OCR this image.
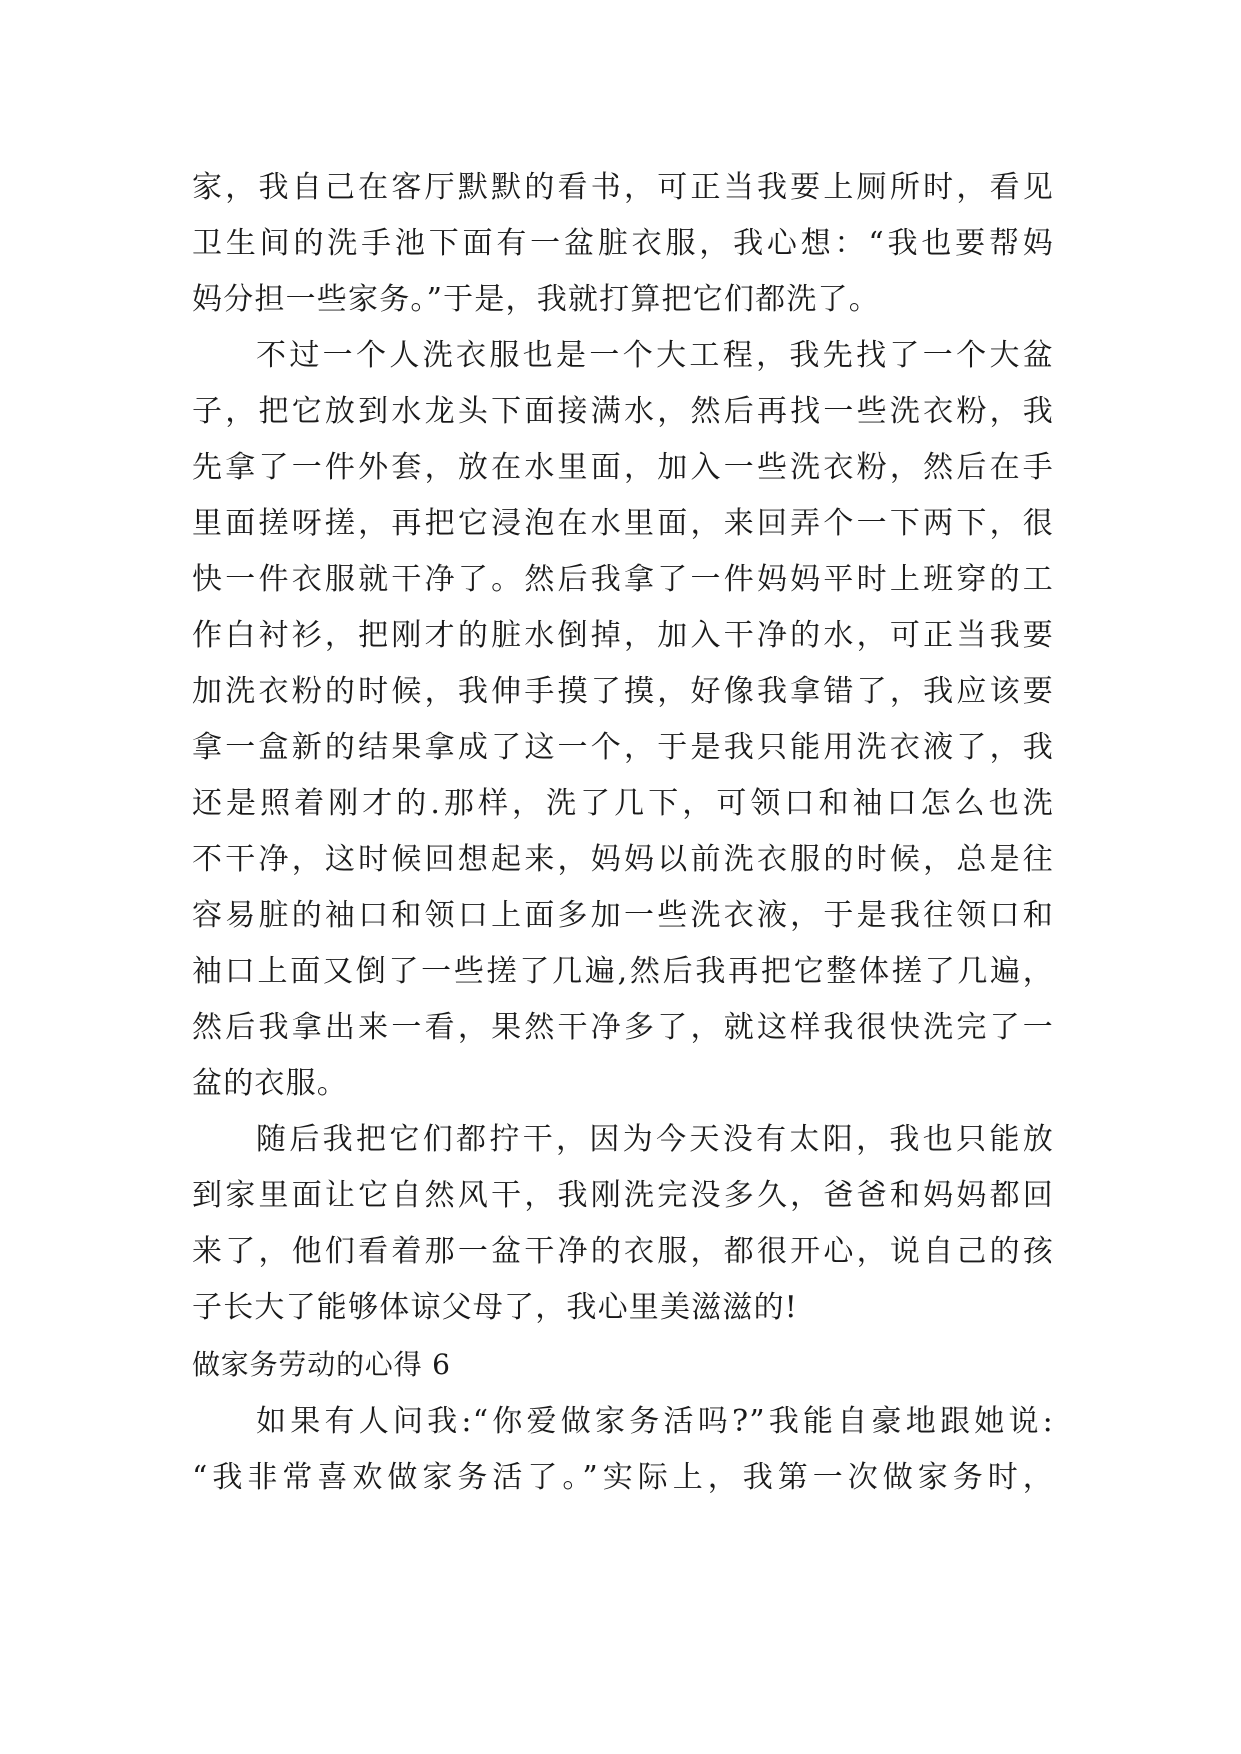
家，我自己在客厅默默的看书，可正当我要上厕所时，看见
卫生间的洗手池下面有一盆脏衣服，我心想：“我也要帮妈
妈分担一些家务。”于是，我就打算把它们都洗了。
不过一个人洗衣服也是一个大工程，我先找了一个大盆
子，把它放到水龙头下面接满水，然后再找一些洗衣粉，我
先拿了一件外套，放在水里面，加入一些洗衣粉，然后在手
里面搓呀搓，再把它浸泡在水里面，来回弄个一下两下，很
快一件衣服就干净了。然后我拿了一件妈妈平时上班穿的工
作白衬衫，把刚才的脏水倒掉，加入干净的水，可正当我要
加洗衣粉的时候，我伸手摸了摸，好像我拿错了，我应该要
拿一盒新的结果拿成了这一个，于是我只能用洗衣液了，我
还是照着刚才的.那样，洗了几下，可领口和袖口怎么也洗
不干净，这时候回想起来，妈妈以前洗衣服的时候，总是往
容易脏的袖口和领口上面多加一些洗衣液，于是我往领口和
袖口上面又倒了一些搓了几遍,然后我再把它整体搓了几遍，
然后我拿出来一看，果然干净多了，就这样我很快洗完了一
盆的衣服。
随后我把它们都拧干，因为今天没有太阳，我也只能放
到家里面让它自然风干，我刚洗完没多久，爸爸和妈妈都回
来了，他们看着那一盆干净的衣服，都很开心，说自己的孩
子长大了能够体谅父母了，我心里美滋滋的!
做家务劳动的心得 6
如果有人问我:“你爱做家务活吗?”我能自豪地跟她说:
“我非常喜欢做家务活了。”实际上，我第一次做家务时，
